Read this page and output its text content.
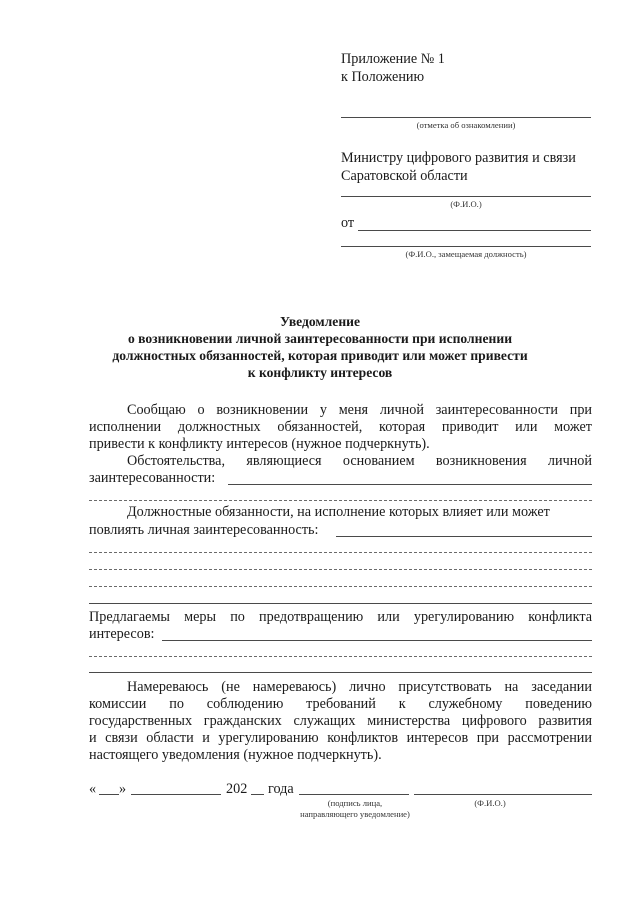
Приложение № 1
к Положению
(отметка об ознакомлении)
Министру цифрового развития и связи
Саратовской области
(Ф.И.О.)
от
(Ф.И.О., замещаемая должность)
Уведомление
о возникновении личной заинтересованности при исполнении
должностных обязанностей, которая приводит или может привести
к конфликту интересов
Сообщаю о возникновении у меня личной заинтересованности при
исполнении должностных обязанностей, которая приводит или может
привести к конфликту интересов (нужное подчеркнуть).
Обстоятельства, являющиеся основанием возникновения личной
заинтересованности:
Должностные обязанности, на исполнение которых влияет или может
повлиять личная заинтересованность:
Предлагаемы меры по предотвращению или урегулированию конфликта
интересов:
Намереваюсь (не намереваюсь) лично присутствовать на заседании
комиссии по соблюдению требований к служебному поведению
государственных гражданских служащих министерства цифрового развития
и связи области и урегулированию конфликтов интересов при рассмотрении
настоящего уведомления (нужное подчеркнуть).
« »	202 года
(подпись лица,
направляющего уведомление)
(Ф.И.О.)
